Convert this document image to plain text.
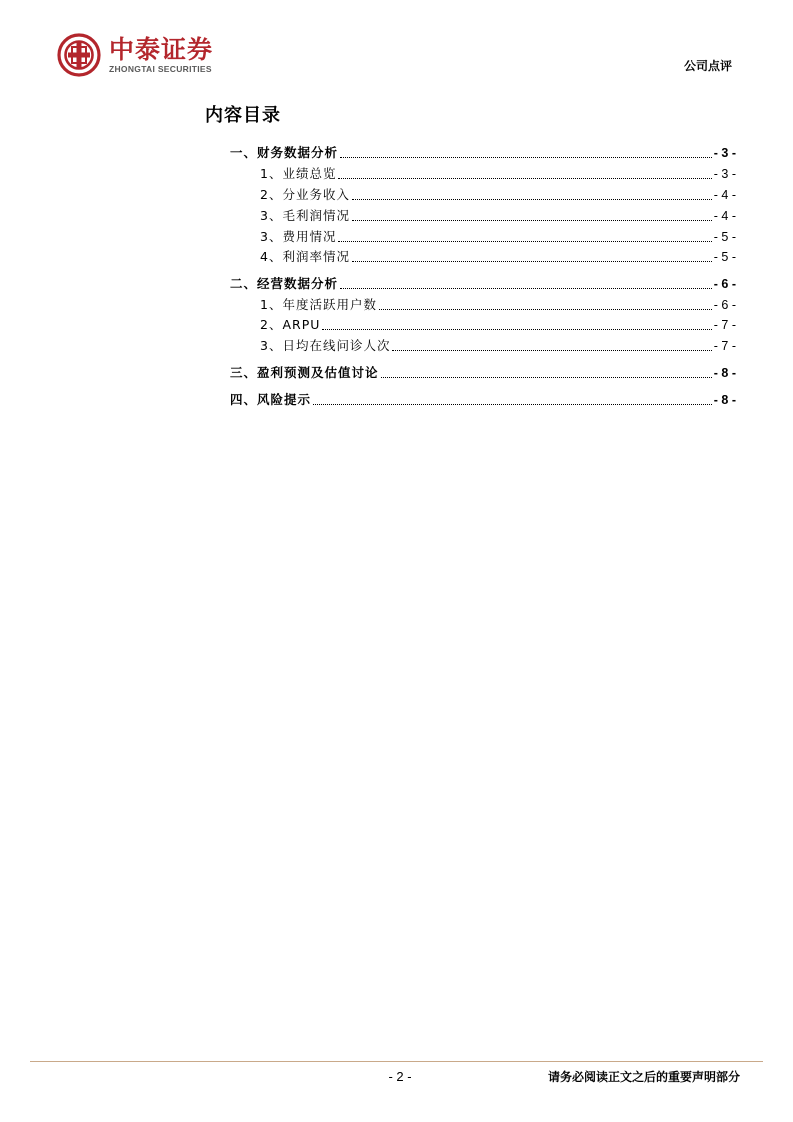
中泰证券
ZHONGTAI SECURITIES	公司点评
内容目录
一、财务数据分析	- 3 -
1、业绩总览	- 3 -
2、分业务收入	- 4 -
3、毛利润情况	- 4 -
3、费用情况	- 5 -
4、利润率情况	- 5 -
二、经营数据分析	- 6 -
1、年度活跃用户数	- 6 -
2、ARPU	- 7 -
3、日均在线问诊人次	- 7 -
三、盈利预测及估值讨论	- 8 -
四、风险提示	- 8 -
- 2 -	请务必阅读正文之后的重要声明部分
